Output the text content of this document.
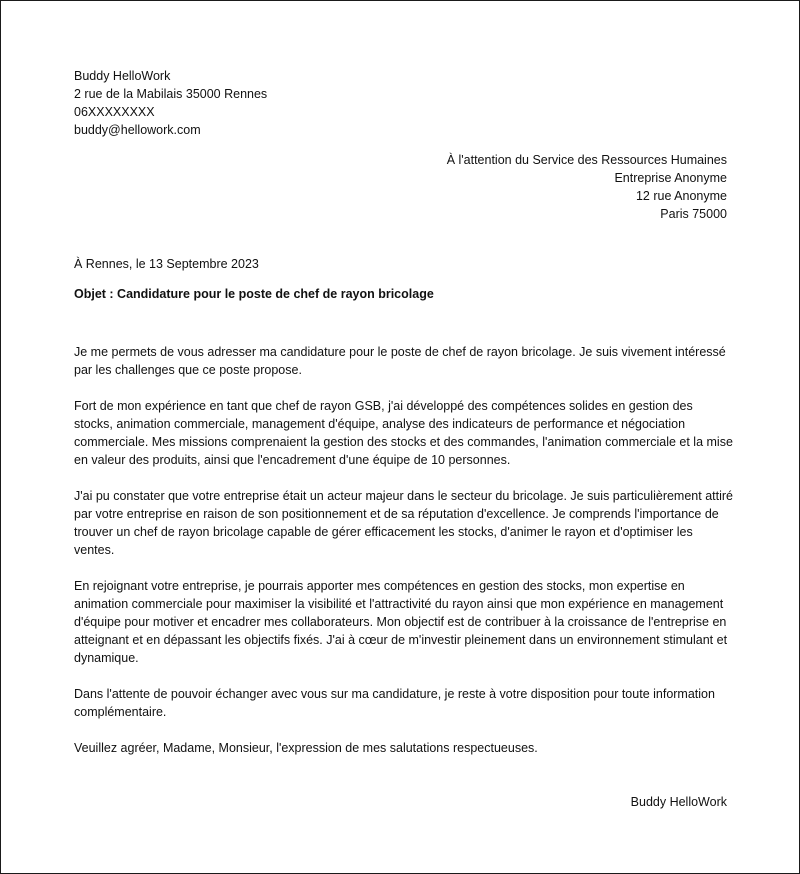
Buddy HelloWork
2 rue de la Mabilais 35000 Rennes
06XXXXXXXX
buddy@hellowork.com
À l'attention du Service des Ressources Humaines
Entreprise Anonyme
12 rue Anonyme
Paris 75000
À Rennes, le 13 Septembre 2023
Objet : Candidature pour le poste de chef de rayon bricolage

Je me permets de vous adresser ma candidature pour le poste de chef de rayon bricolage. Je suis vivement intéressé par les challenges que ce poste propose.

Fort de mon expérience en tant que chef de rayon GSB, j'ai développé des compétences solides en gestion des stocks, animation commerciale, management d'équipe, analyse des indicateurs de performance et négociation commerciale. Mes missions comprenaient la gestion des stocks et des commandes, l'animation commerciale et la mise en valeur des produits, ainsi que l'encadrement d'une équipe de 10 personnes.

J'ai pu constater que votre entreprise était un acteur majeur dans le secteur du bricolage. Je suis particulièrement attiré par votre entreprise en raison de son positionnement et de sa réputation d'excellence. Je comprends l'importance de trouver un chef de rayon bricolage capable de gérer efficacement les stocks, d'animer le rayon et d'optimiser les ventes.

En rejoignant votre entreprise, je pourrais apporter mes compétences en gestion des stocks, mon expertise en animation commerciale pour maximiser la visibilité et l'attractivité du rayon ainsi que mon expérience en management d'équipe pour motiver et encadrer mes collaborateurs. Mon objectif est de contribuer à la croissance de l'entreprise en atteignant et en dépassant les objectifs fixés. J'ai à cœur de m'investir pleinement dans un environnement stimulant et dynamique.

Dans l'attente de pouvoir échanger avec vous sur ma candidature, je reste à votre disposition pour toute information complémentaire.

Veuillez agréer, Madame, Monsieur, l'expression de mes salutations respectueuses.

Buddy HelloWork
